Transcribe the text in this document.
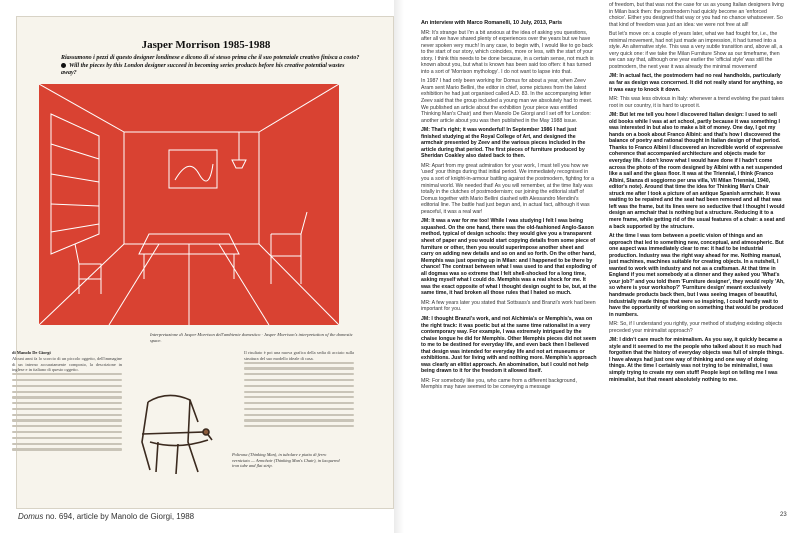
Jasper Morrison 1985-1988
Riassumono i pezzi di questo designer londinese e dicono di sé stesso prima che il suo potenziale creativo finisca a costo?
Will the pieces by this London designer succeed in becoming series products before his creative potential wastes away?
Interpretazione di Jasper Morrison dell'ambiente domestico · Jasper Morrison's interpretation of the domestic space.
di Manolo De Giorgi
Alcuni anni fa lo scorcio di un piccolo oggetto, dell'immagine di un interno accuratamente composto, la descrizione in inglese e in italiano di questo oggetto.
Il risultato è poi una nuova grafica della sedia di acciaio sulla struttura del suo modello ideale di casa.
Poltrona (Thinking Man), in tubolare e piatto di ferro verniciato — Armchair (Thinking Man's Chair), in lacquered iron tube and flat strip.
Domus no. 694, article by Manolo de Giorgi, 1988
An interview with Marco Romanelli, 10 July, 2013, Paris
MR: It's strange but I'm a bit anxious at the idea of asking you questions, after all we have shared plenty of experiences over the years but we have never spoken very much! In any case, to begin with, I would like to go back to the start of our story, which coincides, more or less, with the start of your story. I think this needs to be done because, in a certain sense, not much is known about you, but what is known has been said too often: it has turned into a sort of 'Morrison mythology'. I do not want to lapse into that.
In 1987 I had only been working for Domus for about a year, when Zeev Aram sent Mario Bellini, the editor in chief, some pictures from the latest exhibition he had just organised called A.D. 83. In the accompanying letter Zeev said that the group included a young man we absolutely had to meet. We published an article about the exhibition (your piece was entitled Thinking Man's Chair) and then Manolo De Giorgi and I set off for London: another article about you was then published in the May 1988 issue.
JM: That's right; it was wonderful! In September 1986 I had just finished studying at the Royal College of Art, and designed the armchair presented by Zeev and the various pieces included in the article during that period. The first pieces of furniture produced by Sheridan Coakley also dated back to then.
MR: Apart from my great admiration for your work, I must tell you how we 'used' your things during that initial period. We immediately recognised in you a sort of knight-in-armour battling against the postmodern, fighting for a minimal world. We needed that! As you will remember, at the time Italy was totally in the clutches of postmodernism; our joining the editorial staff of Domus together with Mario Bellini clashed with Alessandro Mendini's editorial line. The battle had just begun and, in actual fact, although it was peaceful, it was a real war!
JM: It was a war for me too! While I was studying I felt I was being squashed. On the one hand, there was the old-fashioned Anglo-Saxon method, typical of design schools: they would give you a transparent sheet of paper and you would start copying details from some piece of furniture or other, then you would superimpose another sheet and carry on adding new details and so on and so forth. On the other hand, Memphis was just opening up in Milan: and I happened to be there by chance! The contrast between what I was used to and that exploding of all dogmas was so extreme that I felt shell-shocked for a long time, asking myself what I could do. Memphis was a real shock for me. It was the exact opposite of what I thought design ought to be, but, at the same time, it had broken all those rules that I hated so much.
MR: A few years later you stated that Sottsass's and Branzi's work had been important for you.
JM: I thought Branzi's work, and not Alchimia's or Memphis's, was on the right track: it was poetic but at the same time rationalist in a very contemporary way. For example, I was extremely intrigued by the chaise longue he did for Memphis. Other Memphis pieces did not seem to me to be destined for everyday life, and even back then I believed that design was intended for everyday life and not art museums or exhibitions. Just for living with and nothing more. Memphis's approach was clearly an elitist approach. An abomination, but I could not help being drawn to it for the freedom it allowed itself.
MR: For somebody like you, who came from a different background, Memphis may have seemed to be conveying a message
of freedom, but that was not the case for us as young Italian designers living in Milan back then: the postmodern had quickly become an 'enforced choice'. Either you designed that way or you had no chance whatsoever. So that kind of freedom was just an idea: we were not free at all!
But let's move on: a couple of years later, what we had fought for, i.e., the minimal movement, had not just made an impression, it had turned into a style. An alternative style. This was a very subtle transition and, above all, a very quick one: if we take the Milan Furniture Show as our timeframe, then we can say that, although one year earlier the 'official style' was still the postmodern, the next year it was already the minimal movement!
JM: In actual fact, the postmodern had no real handholds, particularly as far as design was concerned. It did not really stand for anything, so it was easy to knock it down.
MR: This was less obvious in Italy: whenever a trend evolving the past takes root in our country, it is hard to uproot it.
JM: But let me tell you how I discovered Italian design: I used to sell old books while I was at art school, partly because it was something I was interested in but also to make a bit of money. One day, I got my hands on a book about Franco Albini: and that's how I discovered the balance of poetry and rational thought in Italian design of that period. Thanks to Franco Albini I discovered an incredible world of expressive coherence that accompanied architecture and objects made for everyday life. I don't know what I would have done if I hadn't come across the photo of the room designed by Albini with a net suspended like a sail and the glass floor. It was at the Triennial, I think (Franco Albini, Stanza di soggiorno per una villa, VII Milan Triennial, 1940, editor's note). Around that time the idea for Thinking Man's Chair struck me after I took a picture of an antique Spanish armchair. It was waiting to be repaired and the seat had been removed and all that was left was the frame, but its lines were so seductive that I thought I would design an armchair that is nothing but a structure. Reducing it to a mere frame, while getting rid of the usual features of a chair: a seat and a back supported by the structure.
At the time I was torn between a poetic vision of things and an approach that led to something new, conceptual, and atmospheric. But one aspect was immediately clear to me: it had to be industrial production. Industry was the right way ahead for me. Nothing manual, just machines, machines suitable for creating objects. In a nutshell, I wanted to work with industry and not as a craftsman. At that time in England if you met somebody at a dinner and they asked you 'What's your job?' and you told them 'Furniture designer', they would reply 'Ah, so where is your workshop?' 'Furniture design' meant exclusively handmade products back then, but I was seeing images of beautiful, industrially made things that were so inspiring, I could hardly wait to have the opportunity of working on something that would be produced in numbers.
MR: So, if I understand you rightly, your method of studying existing objects preceded your minimalist approach?
JM: I didn't care much for minimalism. As you say, it quickly became a style and it seemed to me the people who talked about it so much had forgotten that the history of everyday objects was full of simple things. I have always had just one way of thinking and one way of doing things. At the time I certainly was not trying to be minimalist, I was simply trying to create my own stuff! People kept on telling me I was minimalist, but that meant absolutely nothing to me.
23
